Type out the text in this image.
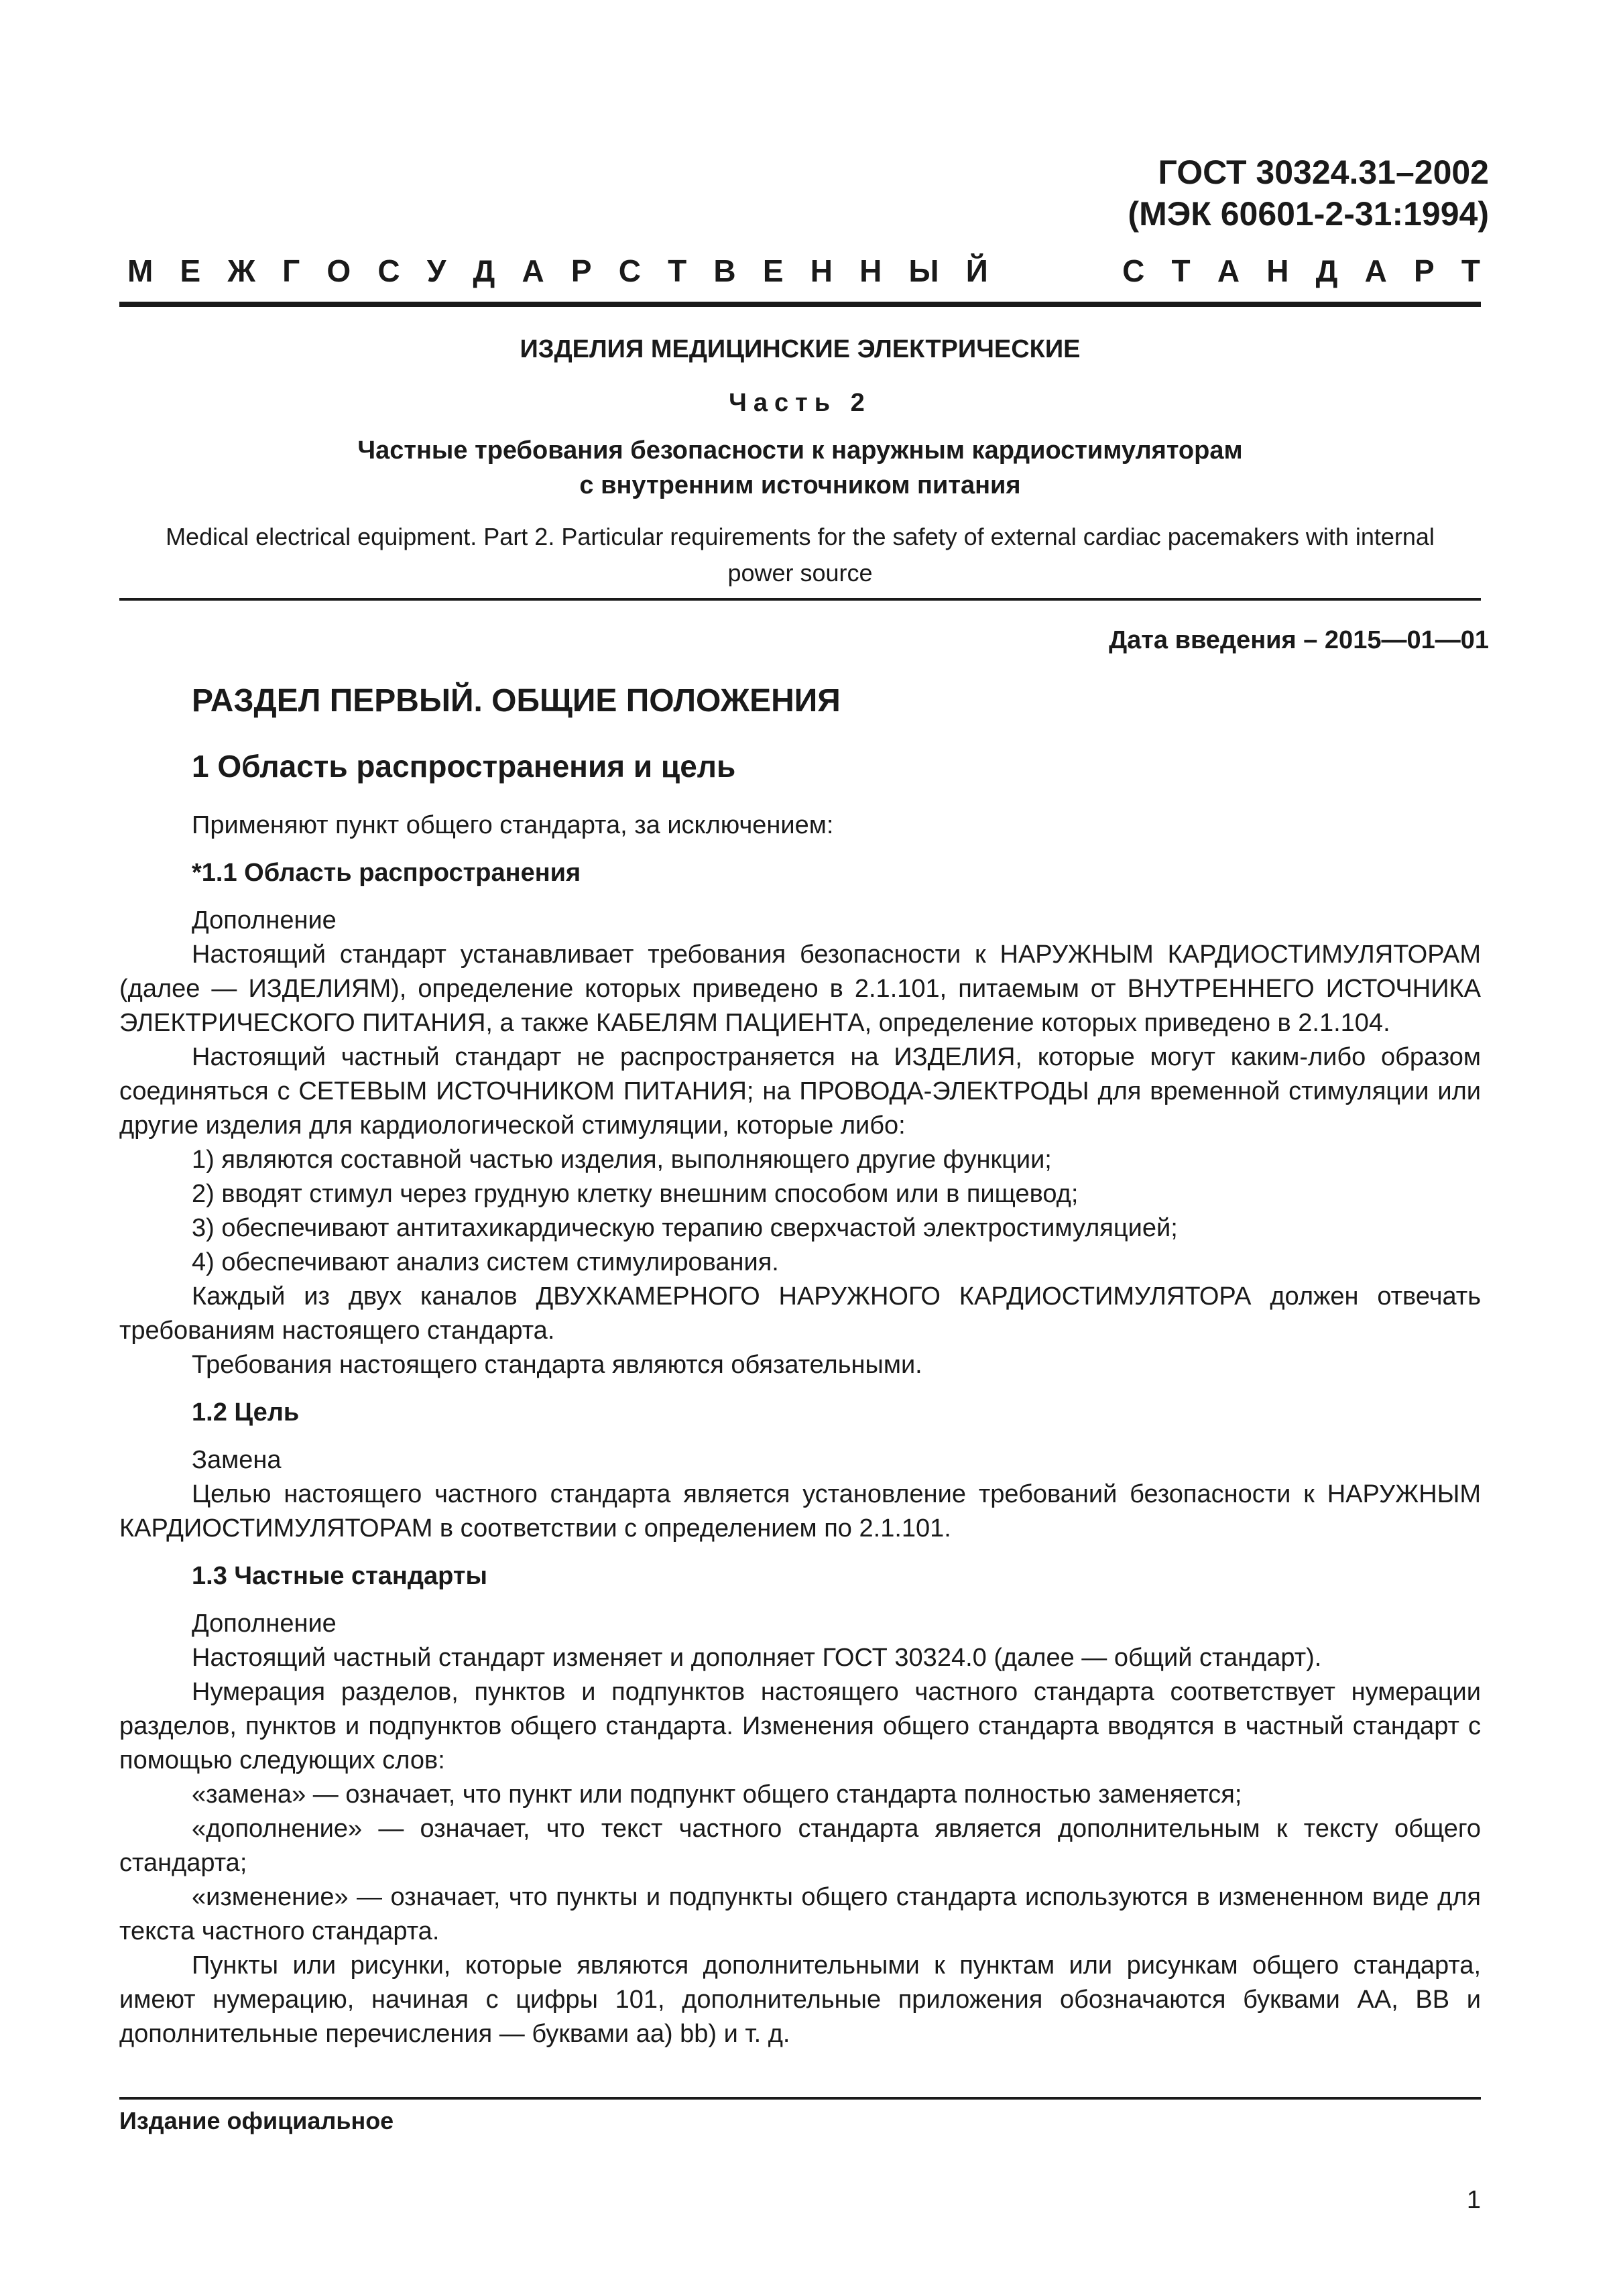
ГОСТ 30324.31–2002
(МЭК 60601-2-31:1994)
М Е Ж Г О С У Д А Р С Т В Е Н Н Ы Й	С Т А Н Д А Р Т
ИЗДЕЛИЯ МЕДИЦИНСКИЕ ЭЛЕКТРИЧЕСКИЕ
Часть 2
Частные требования безопасности к наружным кардиостимуляторам
с внутренним источником питания
Medical electrical equipment. Part 2. Particular requirements for the safety of external cardiac pacemakers with internal
power source
Дата введения – 2015—01—01
РАЗДЕЛ ПЕРВЫЙ. ОБЩИЕ ПОЛОЖЕНИЯ
1 Область распространения и цель

Применяют пункт общего стандарта, за исключением:

*1.1 Область распространения

Дополнение

Настоящий стандарт устанавливает требования безопасности к НАРУЖНЫМ КАРДИОСТИМУЛЯТОРАМ (далее — ИЗДЕЛИЯМ), определение которых приведено в 2.1.101, питаемым от ВНУТРЕННЕГО ИСТОЧНИКА ЭЛЕКТРИЧЕСКОГО ПИТАНИЯ, а также КАБЕЛЯМ ПАЦИЕНТА, определение которых приведено в 2.1.104.

Настоящий частный стандарт не распространяется на ИЗДЕЛИЯ, которые могут каким-либо образом соединяться с СЕТЕВЫМ ИСТОЧНИКОМ ПИТАНИЯ; на ПРОВОДА-ЭЛЕКТРОДЫ для временной стимуляции или другие изделия для кардиологической стимуляции, которые либо:

1) являются составной частью изделия, выполняющего другие функции;

2) вводят стимул через грудную клетку внешним способом или в пищевод;

3) обеспечивают антитахикардическую терапию сверхчастой электростимуляцией;

4) обеспечивают анализ систем стимулирования.

Каждый из двух каналов ДВУХКАМЕРНОГО НАРУЖНОГО КАРДИОСТИМУЛЯТОРА должен отвечать требованиям настоящего стандарта.

Требования настоящего стандарта являются обязательными.

1.2 Цель

Замена

Целью настоящего частного стандарта является установление требований безопасности к НАРУЖНЫМ КАРДИОСТИМУЛЯТОРАМ в соответствии с определением по 2.1.101.

1.3 Частные стандарты

Дополнение

Настоящий частный стандарт изменяет и дополняет ГОСТ 30324.0 (далее — общий стандарт).

Нумерация разделов, пунктов и подпунктов настоящего частного стандарта соответствует нумерации разделов, пунктов и подпунктов общего стандарта. Изменения общего стандарта вводятся в частный стандарт с помощью следующих слов:

«замена» — означает, что пункт или подпункт общего стандарта полностью заменяется;

«дополнение» — означает, что текст частного стандарта является дополнительным к тексту общего стандарта;

«изменение» — означает, что пункты и подпункты общего стандарта используются в измененном виде для текста частного стандарта.

Пункты или рисунки, которые являются дополнительными к пунктам или рисункам общего стандарта, имеют нумерацию, начиная с цифры 101, дополнительные приложения обозначаются буквами АА, ВВ и дополнительные перечисления — буквами аа) bb) и т. д.

Издание официальное
1
